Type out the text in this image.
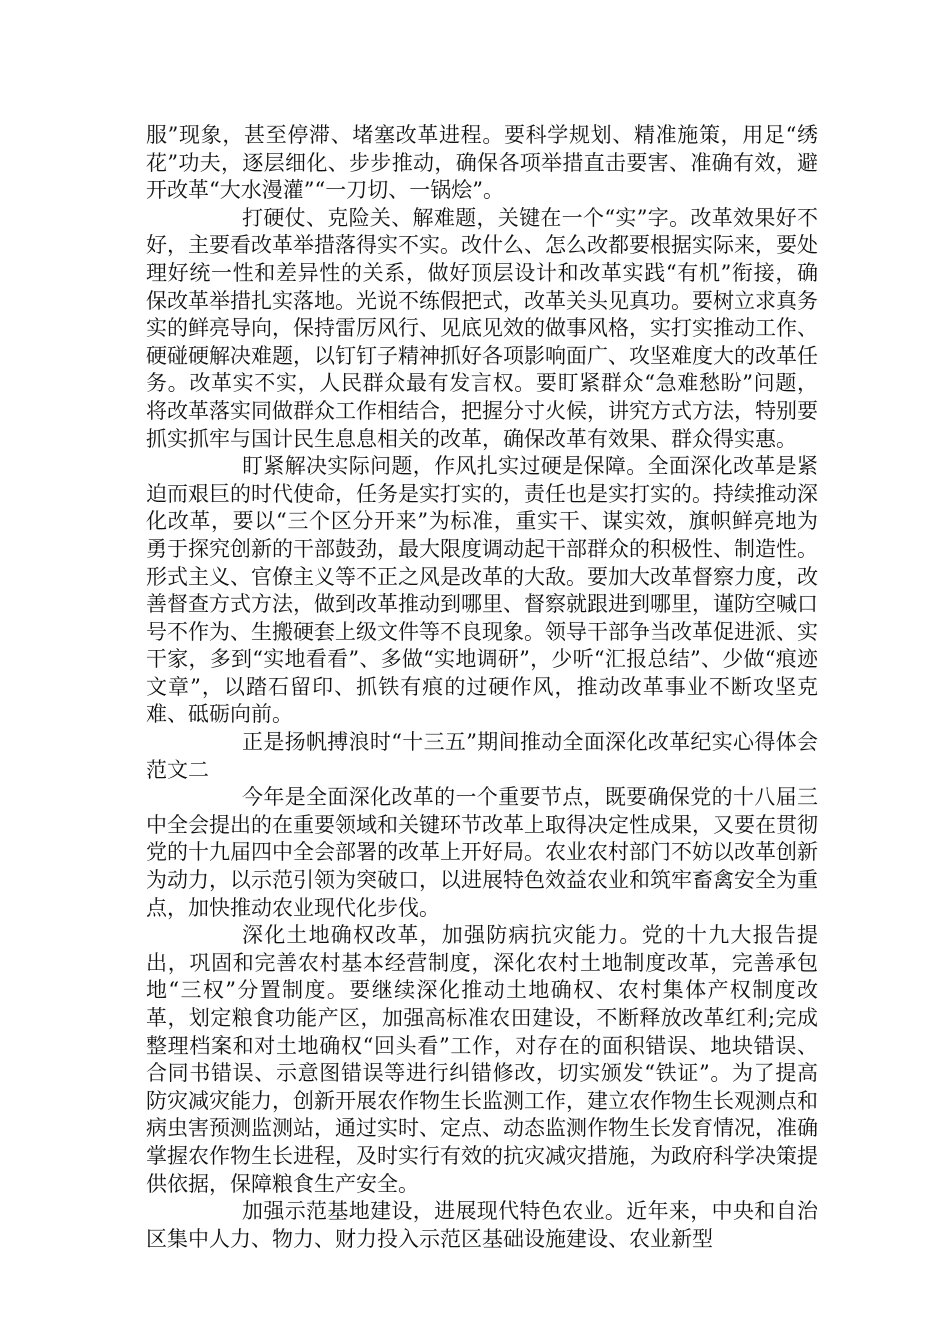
服”现象，甚至停滞、堵塞改革进程。要科学规划、精准施策，用足“绣花”功夫，逐层细化、步步推动，确保各项举措直击要害、准确有效，避开改革“大水漫灌”“一刀切、一锅烩”。

打硬仗、克险关、解难题，关键在一个“实”字。改革效果好不好，主要看改革举措落得实不实。改什么、怎么改都要根据实际来，要处理好统一性和差异性的关系，做好顶层设计和改革实践“有机”衔接，确保改革举措扎实落地。光说不练假把式，改革关头见真功。要树立求真务实的鲜亮导向，保持雷厉风行、见底见效的做事风格，实打实推动工作、硬碰硬解决难题，以钉钉子精神抓好各项影响面广、攻坚难度大的改革任务。改革实不实，人民群众最有发言权。要盯紧群众“急难愁盼”问题，将改革落实同做群众工作相结合，把握分寸火候，讲究方式方法，特别要抓实抓牢与国计民生息息相关的改革，确保改革有效果、群众得实惠。

盯紧解决实际问题，作风扎实过硬是保障。全面深化改革是紧迫而艰巨的时代使命，任务是实打实的，责任也是实打实的。持续推动深化改革，要以“三个区分开来”为标准，重实干、谋实效，旗帜鲜亮地为勇于探究创新的干部鼓劲，最大限度调动起干部群众的积极性、制造性。形式主义、官僚主义等不正之风是改革的大敌。要加大改革督察力度，改善督查方式方法，做到改革推动到哪里、督察就跟进到哪里，谨防空喊口号不作为、生搬硬套上级文件等不良现象。领导干部争当改革促进派、实干家，多到“实地看看”、多做“实地调研”，少听“汇报总结”、少做“痕迹文章”，以踏石留印、抓铁有痕的过硬作风，推动改革事业不断攻坚克难、砥砺向前。

正是扬帆搏浪时“十三五”期间推动全面深化改革纪实心得体会范文二

今年是全面深化改革的一个重要节点，既要确保党的十八届三中全会提出的在重要领域和关键环节改革上取得决定性成果，又要在贯彻党的十九届四中全会部署的改革上开好局。农业农村部门不妨以改革创新为动力，以示范引领为突破口，以进展特色效益农业和筑牢畜禽安全为重点，加快推动农业现代化步伐。

深化土地确权改革，加强防病抗灾能力。党的十九大报告提出，巩固和完善农村基本经营制度，深化农村土地制度改革，完善承包地“三权”分置制度。要继续深化推动土地确权、农村集体产权制度改革，划定粮食功能产区，加强高标准农田建设，不断释放改革红利;完成整理档案和对土地确权“回头看”工作，对存在的面积错误、地块错误、合同书错误、示意图错误等进行纠错修改，切实颁发“铁证”。为了提高防灾减灾能力，创新开展农作物生长监测工作，建立农作物生长观测点和病虫害预测监测站，通过实时、定点、动态监测作物生长发育情况，准确掌握农作物生长进程，及时实行有效的抗灾减灾措施，为政府科学决策提供依据，保障粮食生产安全。

加强示范基地建设，进展现代特色农业。近年来，中央和自治区集中人力、物力、财力投入示范区基础设施建设、农业新型
